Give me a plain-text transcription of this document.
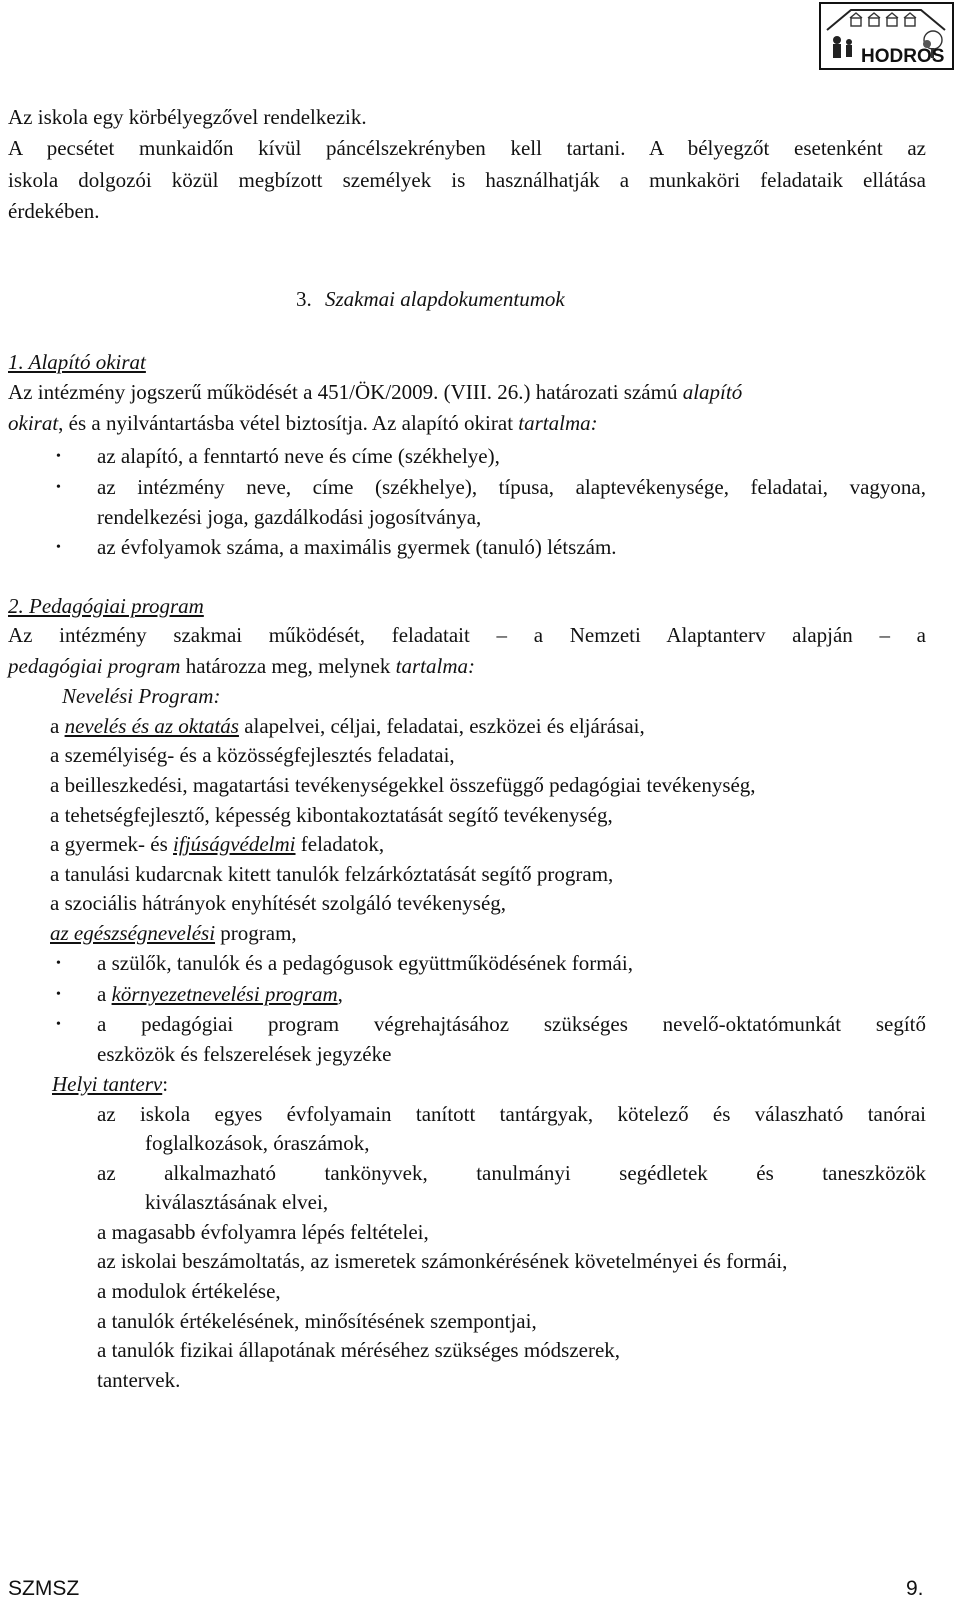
HODROS
Az iskola egy körbélyegzővel rendelkezik.
A pecsétet munkaidőn kívül páncélszekrényben kell tartani. A bélyegzőt esetenként az
iskola dolgozói közül megbízott személyek is használhatják a munkaköri feladataik ellátása
érdekében.
3. Szakmai alapdokumentumok
1. Alapító okirat
Az intézmény jogszerű működését a 451/ÖK/2009. (VIII. 26.) határozati számú alapító
okirat, és a nyilvántartásba vétel biztosítja. Az alapító okirat tartalma:
• az alapító, a fenntartó neve és címe (székhelye),
• az intézmény neve, címe (székhelye), típusa, alaptevékenysége, feladatai, vagyona,
rendelkezési joga, gazdálkodási jogosítványa,
• az évfolyamok száma, a maximális gyermek (tanuló) létszám.
2. Pedagógiai program
Az intézmény szakmai működését, feladatait – a Nemzeti Alaptanterv alapján – a
pedagógiai program határozza meg, melynek tartalma:
Nevelési Program:
a nevelés és az oktatás alapelvei, céljai, feladatai, eszközei és eljárásai,
a személyiség- és a közösségfejlesztés feladatai,
a beilleszkedési, magatartási tevékenységekkel összefüggő pedagógiai tevékenység,
a tehetségfejlesztő, képesség kibontakoztatását segítő tevékenység,
a gyermek- és ifjúságvédelmi feladatok,
a tanulási kudarcnak kitett tanulók felzárkóztatását segítő program,
a szociális hátrányok enyhítését szolgáló tevékenység,
az egészségnevelési program,
• a szülők, tanulók és a pedagógusok együttműködésének formái,
• a környezetnevelési program,
• a pedagógiai program végrehajtásához szükséges nevelő-oktatómunkát segítő
eszközök és felszerelések jegyzéke
Helyi tanterv:
az iskola egyes évfolyamain tanított tantárgyak, kötelező és válaszható tanórai
foglalkozások, óraszámok,
az alkalmazható tankönyvek, tanulmányi segédletek és taneszközök
kiválasztásának elvei,
a magasabb évfolyamra lépés feltételei,
az iskolai beszámoltatás, az ismeretek számonkérésének követelményei és formái,
a modulok értékelése,
a tanulók értékelésének, minősítésének szempontjai,
a tanulók fizikai állapotának méréséhez szükséges módszerek,
tantervek.
SZMSZ	9.
